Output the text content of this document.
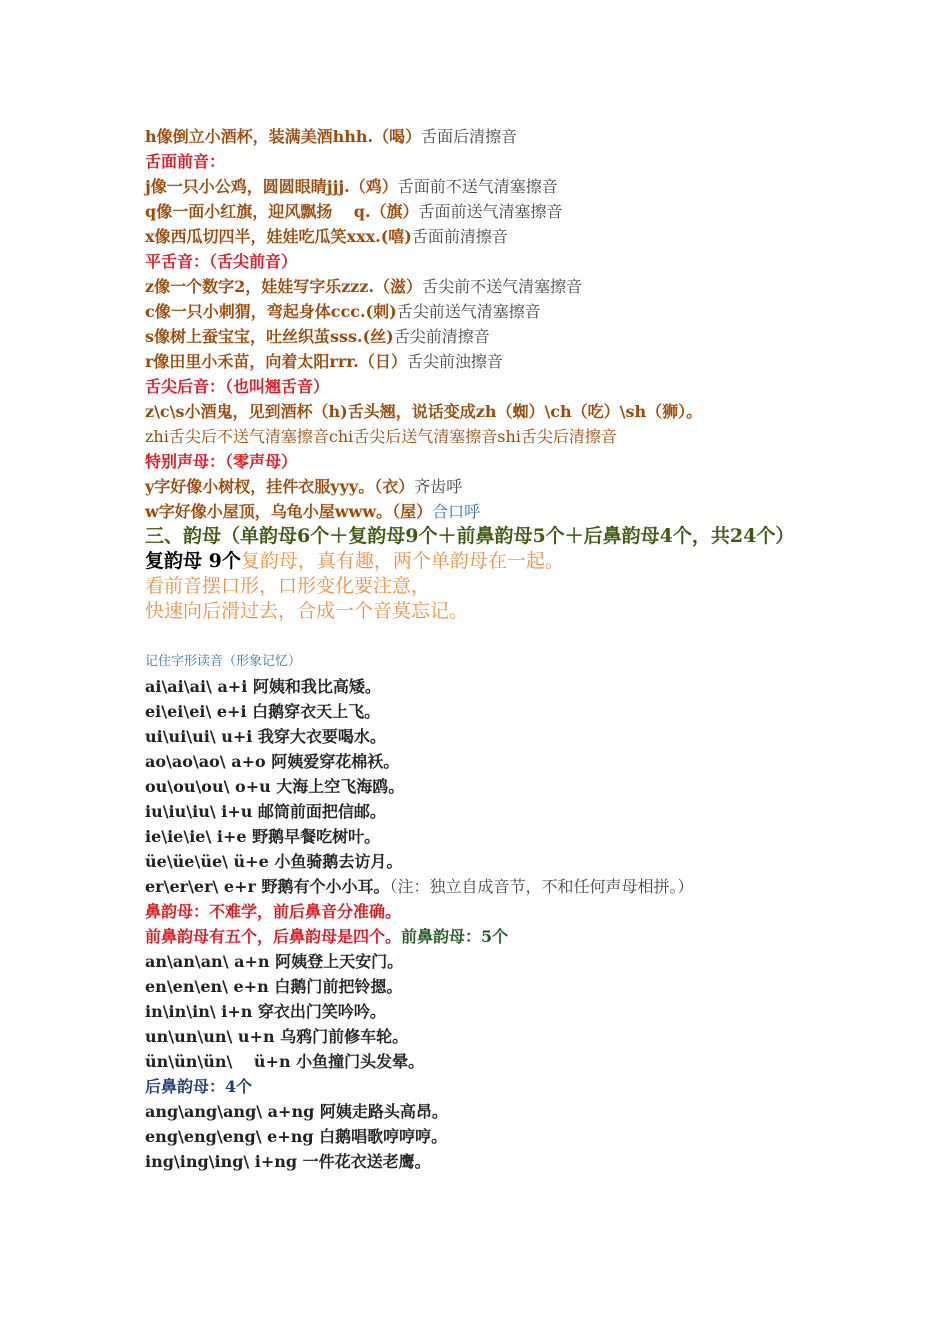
h像倒立小酒杯，装满美酒hhh.（喝）舌面后清擦音
舌面前音：
j像一只小公鸡，圆圆眼睛jjj.（鸡）舌面前不送气清塞擦音
q像一面小红旗，迎风飘扬　 q.（旗）舌面前送气清塞擦音
x像西瓜切四半，娃娃吃瓜笑xxx.(嘻)舌面前清擦音
平舌音：（舌尖前音）
z像一个数字2，娃娃写字乐zzz.（滋）舌尖前不送气清塞擦音
c像一只小刺猬，弯起身体ccc.(刺)舌尖前送气清塞擦音
s像树上蚕宝宝，吐丝织茧sss.(丝)舌尖前清擦音
r像田里小禾苗，向着太阳rrr.（日）舌尖前浊擦音
舌尖后音：（也叫翘舌音）
z\c\s小酒鬼，见到酒杯（h)舌头翘，说话变成zh（蜘）\ch（吃）\sh（狮）。
zhi舌尖后不送气清塞擦音chi舌尖后送气清塞擦音shi舌尖后清擦音
特别声母：（零声母）
y字好像小树杈，挂件衣服yyy。（衣）齐齿呼
w字好像小屋顶，乌龟小屋www。（屋）合口呼
三、韵母（单韵母6个＋复韵母9个＋前鼻韵母5个＋后鼻韵母4个，共24个）
复韵母 9个复韵母，真有趣，两个单韵母在一起。
看前音摆口形，口形变化要注意，
快速向后滑过去，合成一个音莫忘记。
记住字形读音（形象记忆）
ai\ai\ai\ a+i 阿姨和我比高矮。
ei\ei\ei\ e+i 白鹅穿衣天上飞。
ui\ui\ui\ u+i 我穿大衣要喝水。
ao\ao\ao\ a+o 阿姨爱穿花棉袄。
ou\ou\ou\ o+u 大海上空飞海鸥。
iu\iu\iu\ i+u 邮筒前面把信邮。
ie\ie\ie\ i+e 野鹅早餐吃树叶。
üe\üe\üe\ ü+e 小鱼骑鹅去访月。
er\er\er\ e+r 野鹅有个小小耳。（注：独立自成音节，不和任何声母相拼。）
鼻韵母：不难学，前后鼻音分准确。
前鼻韵母有五个，后鼻韵母是四个。前鼻韵母：5个
an\an\an\ a+n 阿姨登上天安门。
en\en\en\ e+n 白鹅门前把铃摁。
in\in\in\ i+n 穿衣出门笑吟吟。
un\un\un\ u+n 乌鸦门前修车轮。
ün\ün\ün\　 ü+n 小鱼撞门头发晕。
后鼻韵母：4个
ang\ang\ang\ a+ng 阿姨走路头高昂。
eng\eng\eng\ e+ng 白鹅唱歌哼哼哼。
ing\ing\ing\ i+ng 一件花衣送老鹰。
